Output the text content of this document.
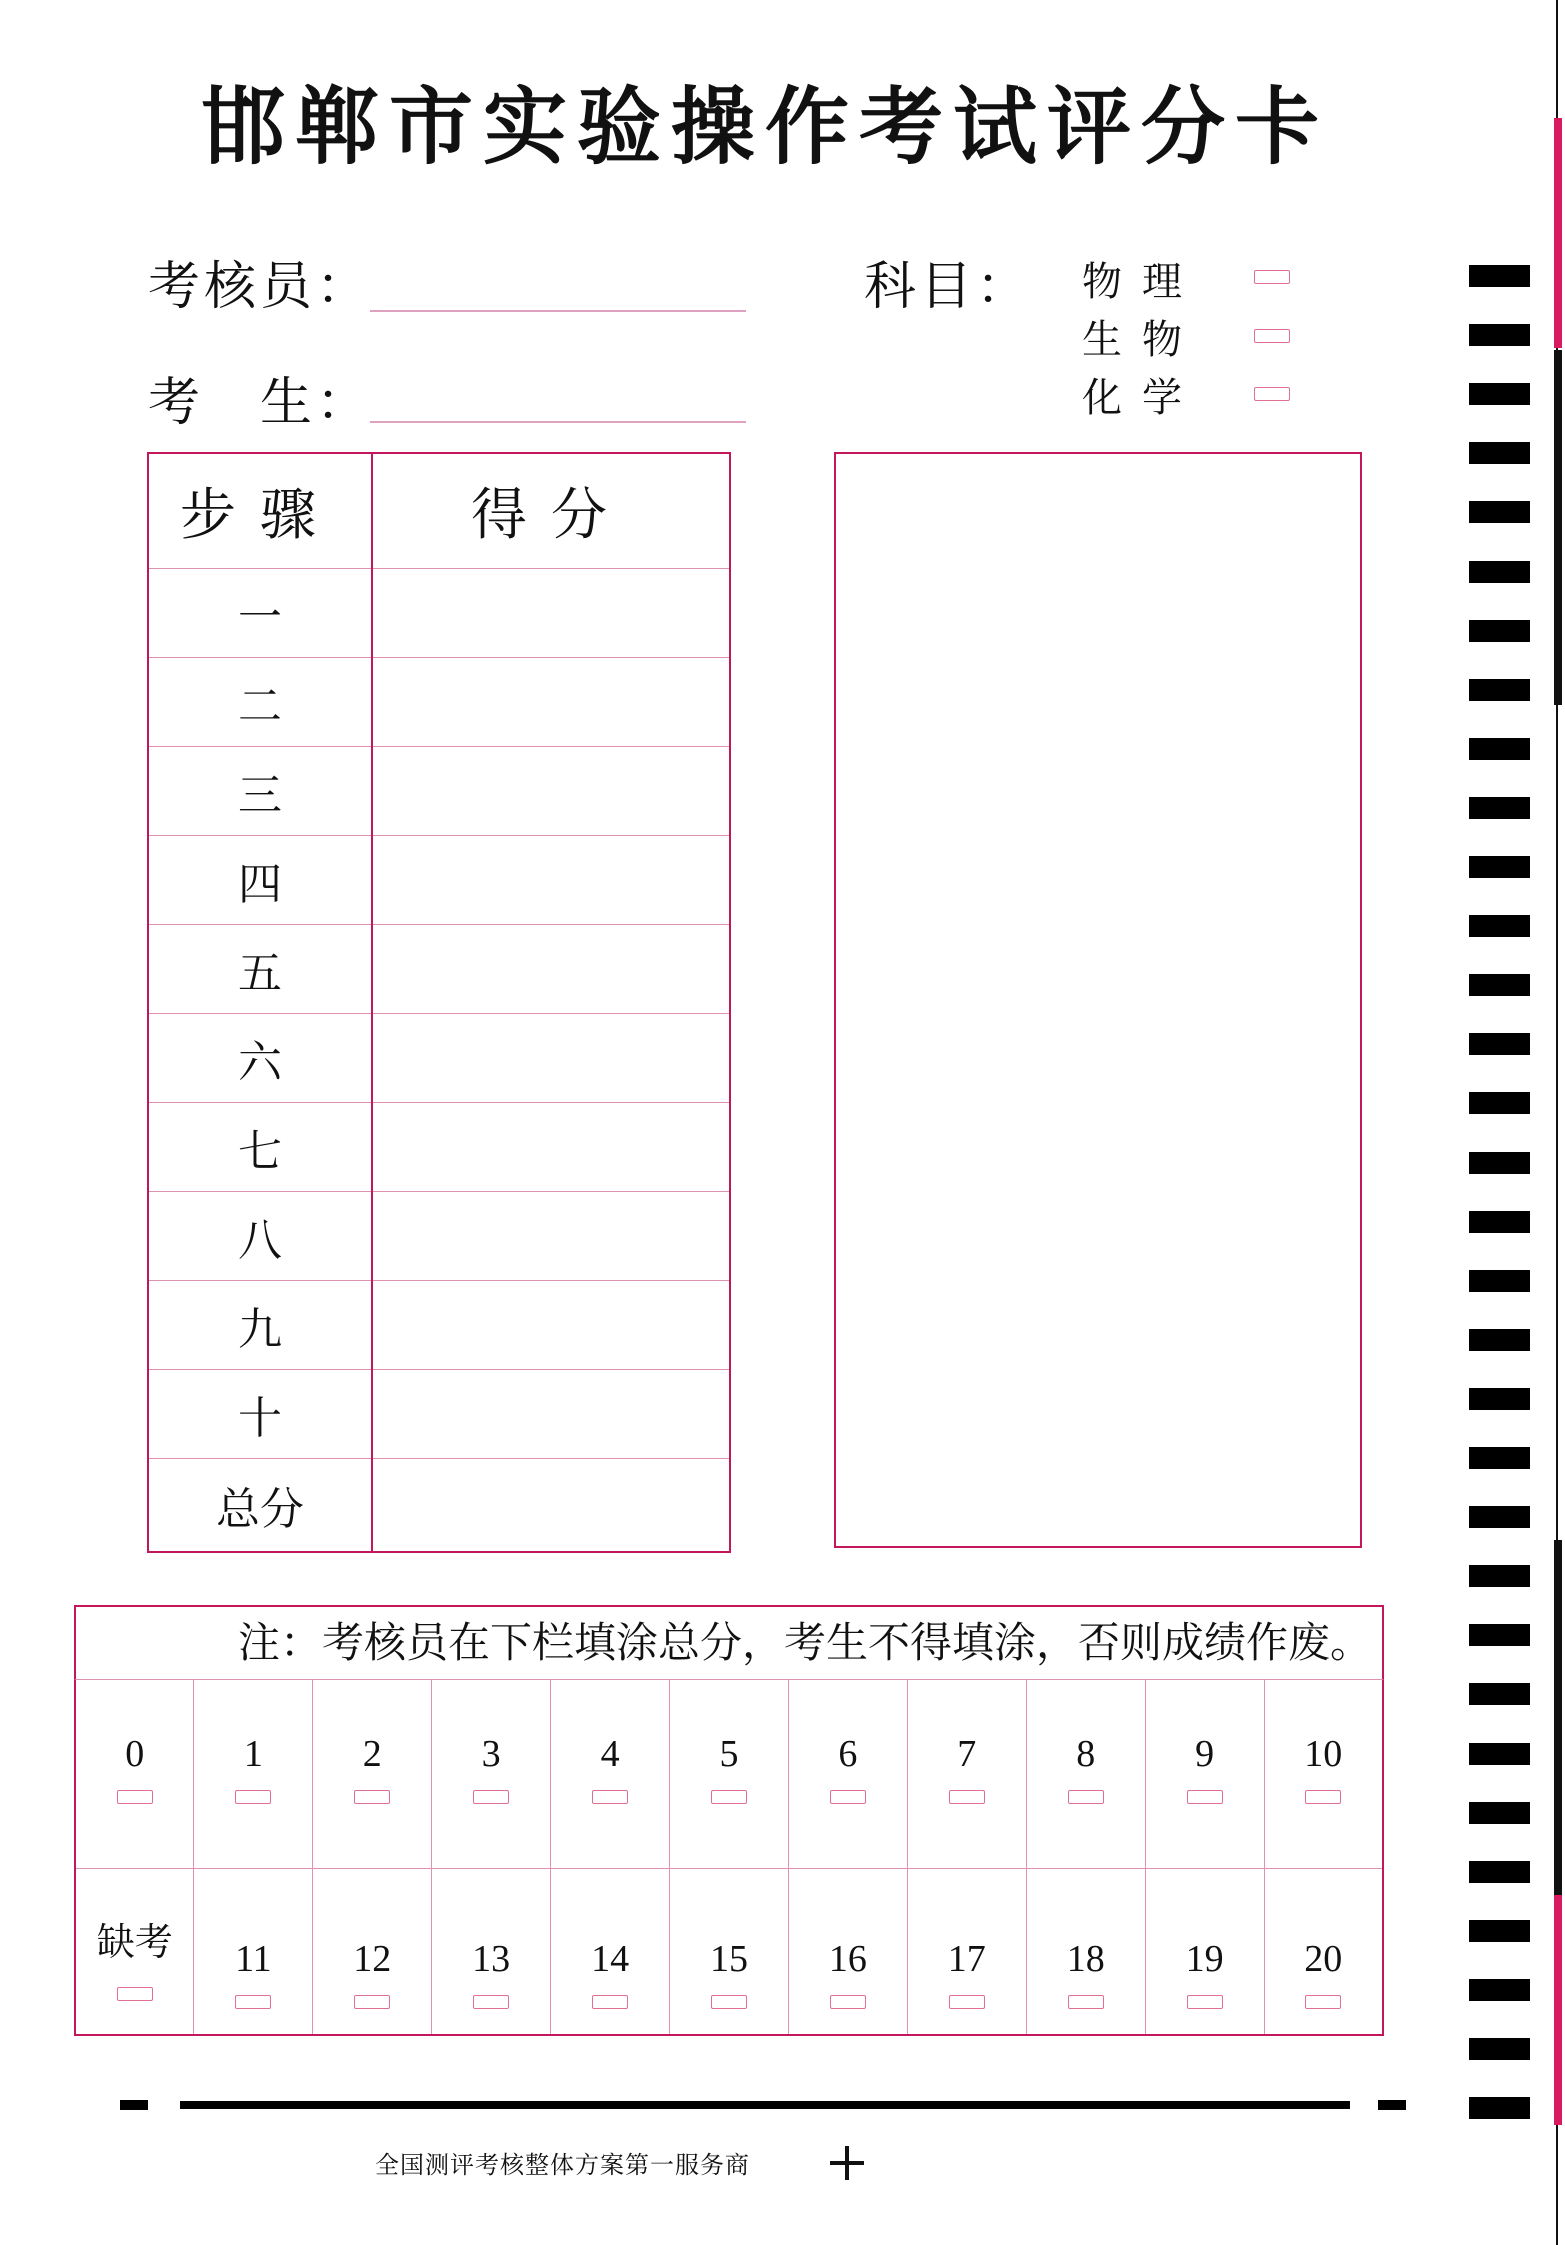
邯郸市实验操作考试评分卡
考核员：
考　生：
科目： 物理
生物
化学
步骤	得分
一	
二	
三	
四	
五	
六	
七	
八	
九	
十	
总分	
注：考核员在下栏填涂总分，考生不得填涂，否则成绩作废。
0	1	2	3	4	5	6	7	8	9	10

缺考	11	12	13	14	15	16	17	18	19	20
全国测评考核整体方案第一服务商
